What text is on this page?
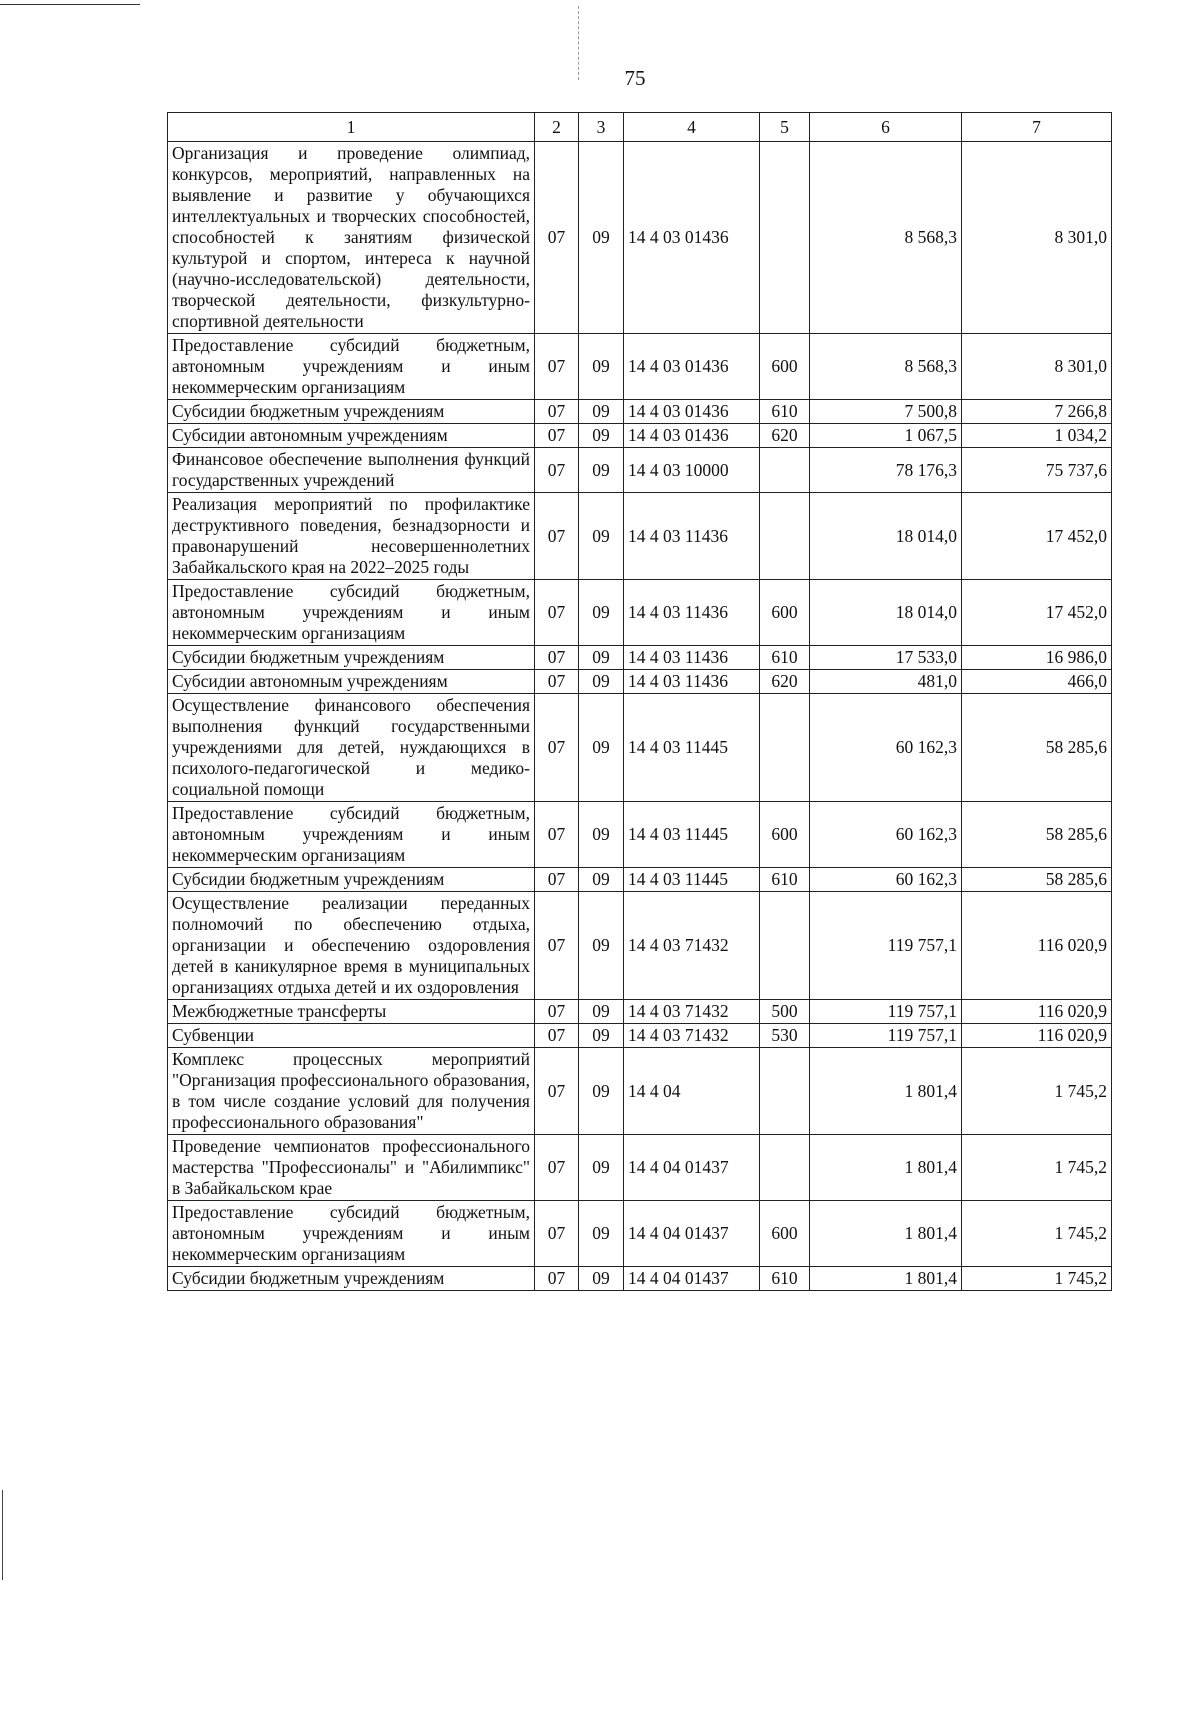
75
1	2	3	4	5	6	7
Организация и проведение олимпиад, конкурсов, мероприятий, направленных на выявление и развитие у обучающихся интеллектуальных и творческих способностей, способностей к занятиям физической культурой и спортом, интереса к научной (научно-исследовательской) деятельности, творческой деятельности, физкультурно-спортивной деятельности	07	09	14 4 03 01436		8 568,3	8 301,0
Предоставление субсидий бюджетным, автономным учреждениям и иным некоммерческим организациям	07	09	14 4 03 01436	600	8 568,3	8 301,0
Субсидии бюджетным учреждениям	07	09	14 4 03 01436	610	7 500,8	7 266,8
Субсидии автономным учреждениям	07	09	14 4 03 01436	620	1 067,5	1 034,2
Финансовое обеспечение выполнения функций государственных учреждений	07	09	14 4 03 10000		78 176,3	75 737,6
Реализация мероприятий по профилактике деструктивного поведения, безнадзорности и правонарушений несовершеннолетних Забайкальского края на 2022–2025 годы	07	09	14 4 03 11436		18 014,0	17 452,0
Предоставление субсидий бюджетным, автономным учреждениям и иным некоммерческим организациям	07	09	14 4 03 11436	600	18 014,0	17 452,0
Субсидии бюджетным учреждениям	07	09	14 4 03 11436	610	17 533,0	16 986,0
Субсидии автономным учреждениям	07	09	14 4 03 11436	620	481,0	466,0
Осуществление финансового обеспечения выполнения функций государственными учреждениями для детей, нуждающихся в психолого-педагогической и медико-социальной помощи	07	09	14 4 03 11445		60 162,3	58 285,6
Предоставление субсидий бюджетным, автономным учреждениям и иным некоммерческим организациям	07	09	14 4 03 11445	600	60 162,3	58 285,6
Субсидии бюджетным учреждениям	07	09	14 4 03 11445	610	60 162,3	58 285,6
Осуществление реализации переданных полномочий по обеспечению отдыха, организации и обеспечению оздоровления детей в каникулярное время в муниципальных организациях отдыха детей и их оздоровления	07	09	14 4 03 71432		119 757,1	116 020,9
Межбюджетные трансферты	07	09	14 4 03 71432	500	119 757,1	116 020,9
Субвенции	07	09	14 4 03 71432	530	119 757,1	116 020,9
Комплекс процессных мероприятий "Организация профессионального образования, в том числе создание условий для получения профессионального образования"	07	09	14 4 04		1 801,4	1 745,2
Проведение чемпионатов профессионального мастерства "Профессионалы" и "Абилимпикс" в Забайкальском крае	07	09	14 4 04 01437		1 801,4	1 745,2
Предоставление субсидий бюджетным, автономным учреждениям и иным некоммерческим организациям	07	09	14 4 04 01437	600	1 801,4	1 745,2
Субсидии бюджетным учреждениям	07	09	14 4 04 01437	610	1 801,4	1 745,2
